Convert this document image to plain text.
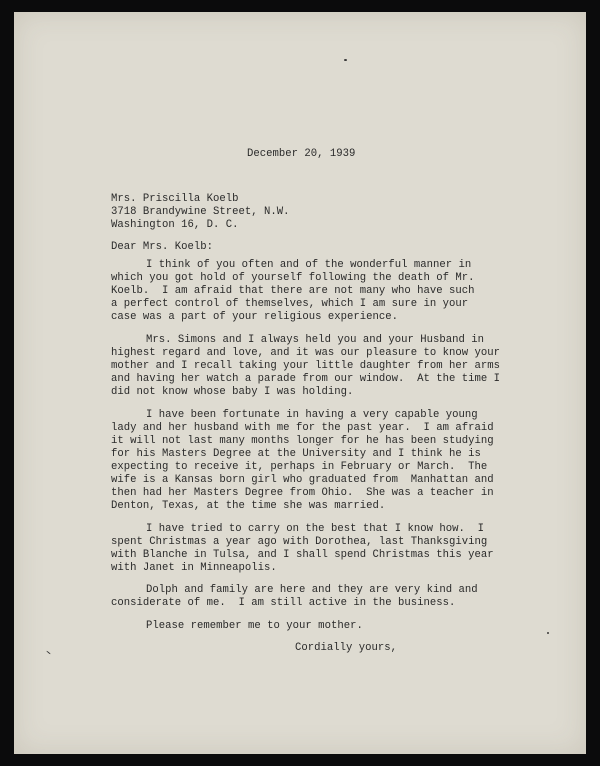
December 20, 1939
Mrs. Priscilla Koelb
3718 Brandywine Street, N.W.
Washington 16, D. C.
Dear Mrs. Koelb:
I think of you often and of the wonderful manner in
which you got hold of yourself following the death of Mr.
Koelb.  I am afraid that there are not many who have such
a perfect control of themselves, which I am sure in your
case was a part of your religious experience.
Mrs. Simons and I always held you and your Husband in
highest regard and love, and it was our pleasure to know your
mother and I recall taking your little daughter from her arms
and having her watch a parade from our window.  At the time I
did not know whose baby I was holding.
I have been fortunate in having a very capable young
lady and her husband with me for the past year.  I am afraid
it will not last many months longer for he has been studying
for his Masters Degree at the University and I think he is
expecting to receive it, perhaps in February or March.  The
wife is a Kansas born girl who graduated from  Manhattan and
then had her Masters Degree from Ohio.  She was a teacher in
Denton, Texas, at the time she was married.
I have tried to carry on the best that I know how.  I
spent Christmas a year ago with Dorothea, last Thanksgiving
with Blanche in Tulsa, and I shall spend Christmas this year
with Janet in Minneapolis.
Dolph and family are here and they are very kind and
considerate of me.  I am still active in the business.
Please remember me to your mother.
Cordially yours,
